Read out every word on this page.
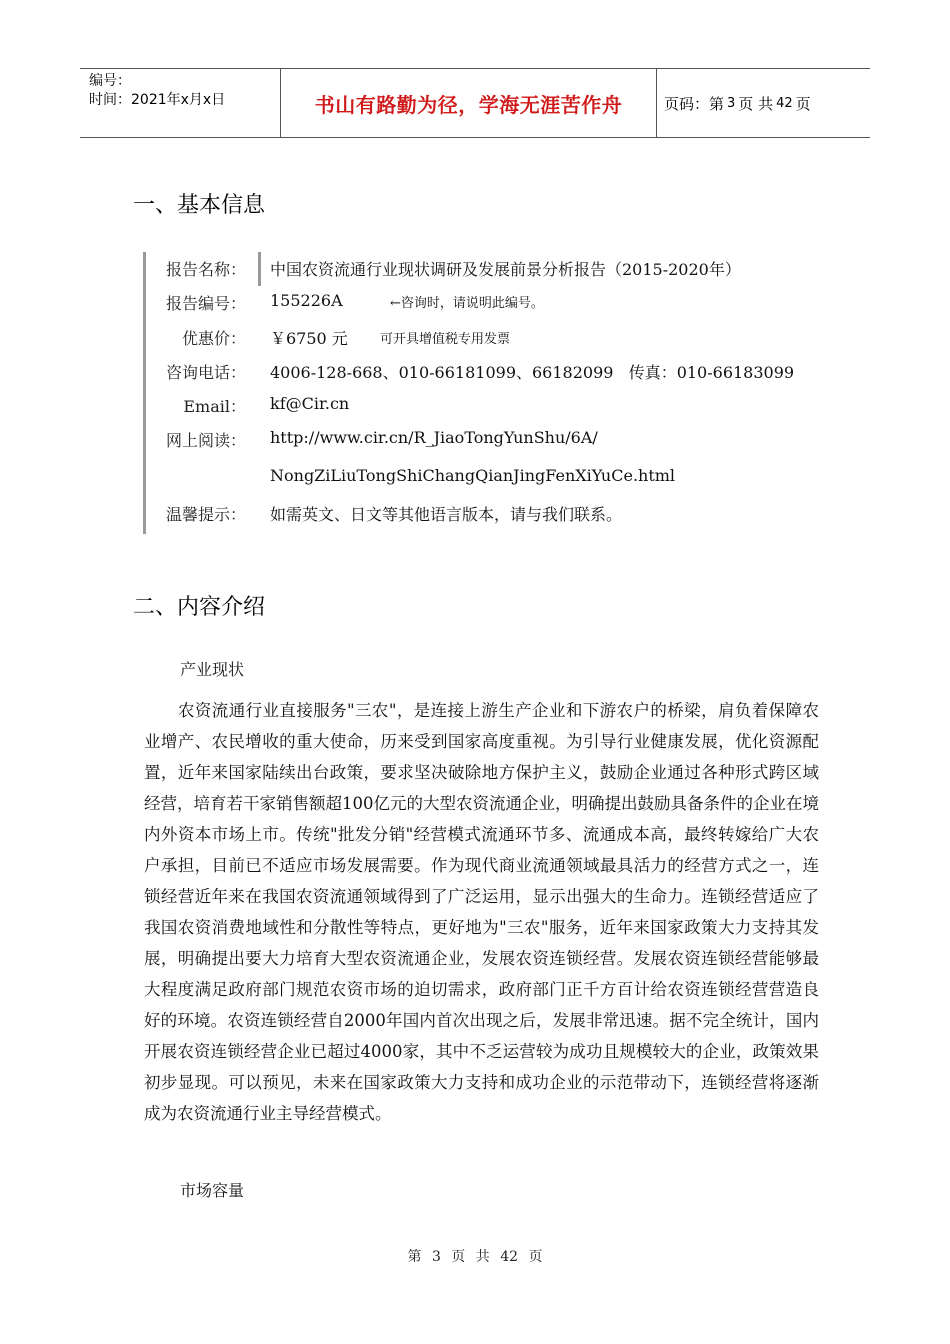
编号：
时间：2021年x月x日	书山有路勤为径，学海无涯苦作舟	页码：第 3 页 共 42 页
一、基本信息
报告名称： 中国农资流通行业现状调研及发展前景分析报告（2015-2020年）
报告编号： 155226A	←咨询时，请说明此编号。
优惠价： ￥6750 元 可开具增值税专用发票
咨询电话： 4006-128-668、010-66181099、66182099   传真：010-66183099
Email： kf@Cir.cn
网上阅读： http://www.cir.cn/R_JiaoTongYunShu/6A/
NongZiLiuTongShiChangQianJingFenXiYuCe.html
温馨提示： 如需英文、日文等其他语言版本，请与我们联系。
二、内容介绍
产业现状
农资流通行业直接服务"三农"，是连接上游生产企业和下游农户的桥梁，肩负着保障农业增产、农民增收的重大使命，历来受到国家高度重视。为引导行业健康发展，优化资源配置，近年来国家陆续出台政策，要求坚决破除地方保护主义，鼓励企业通过各种形式跨区域经营，培育若干家销售额超100亿元的大型农资流通企业，明确提出鼓励具备条件的企业在境内外资本市场上市。传统"批发分销"经营模式流通环节多、流通成本高，最终转嫁给广大农户承担，目前已不适应市场发展需要。作为现代商业流通领域最具活力的经营方式之一，连锁经营近年来在我国农资流通领域得到了广泛运用，显示出强大的生命力。连锁经营适应了我国农资消费地域性和分散性等特点，更好地为"三农"服务，近年来国家政策大力支持其发展，明确提出要大力培育大型农资流通企业，发展农资连锁经营。发展农资连锁经营能够最大程度满足政府部门规范农资市场的迫切需求，政府部门正千方百计给农资连锁经营营造良好的环境。农资连锁经营自2000年国内首次出现之后，发展非常迅速。据不完全统计，国内开展农资连锁经营企业已超过4000家，其中不乏运营较为成功且规模较大的企业，政策效果初步显现。可以预见，未来在国家政策大力支持和成功企业的示范带动下，连锁经营将逐渐成为农资流通行业主导经营模式。
市场容量
第 3 页 共 42 页
